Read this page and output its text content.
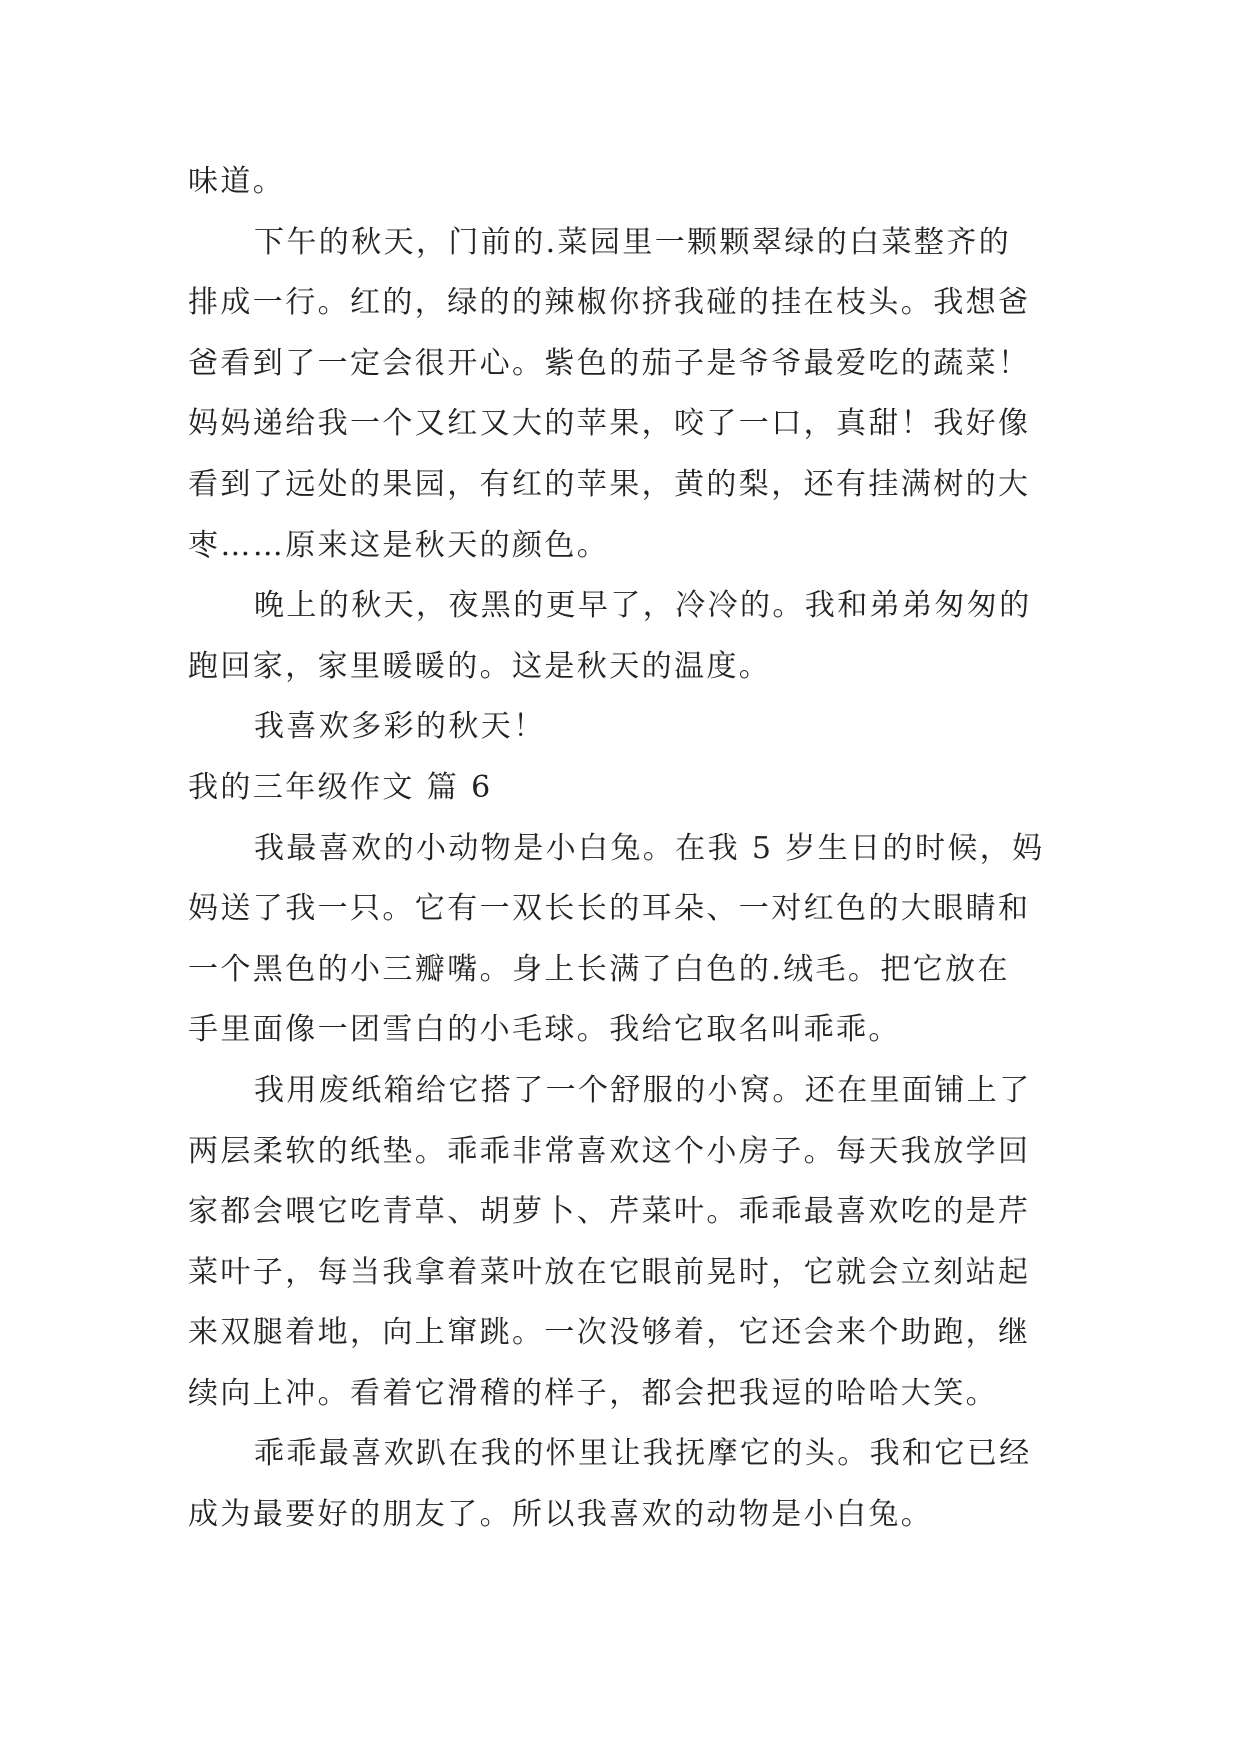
味道。
下午的秋天，门前的.菜园里一颗颗翠绿的白菜整齐的
排成一行。红的，绿的的辣椒你挤我碰的挂在枝头。我想爸
爸看到了一定会很开心。紫色的茄子是爷爷最爱吃的蔬菜！
妈妈递给我一个又红又大的苹果，咬了一口，真甜！我好像
看到了远处的果园，有红的苹果，黄的梨，还有挂满树的大
枣……原来这是秋天的颜色。
晚上的秋天，夜黑的更早了，冷冷的。我和弟弟匆匆的
跑回家，家里暖暖的。这是秋天的温度。
我喜欢多彩的秋天！
我的三年级作文 篇 6
我最喜欢的小动物是小白兔。在我 5 岁生日的时候，妈
妈送了我一只。它有一双长长的耳朵、一对红色的大眼睛和
一个黑色的小三瓣嘴。身上长满了白色的.绒毛。把它放在
手里面像一团雪白的小毛球。我给它取名叫乖乖。
我用废纸箱给它搭了一个舒服的小窝。还在里面铺上了
两层柔软的纸垫。乖乖非常喜欢这个小房子。每天我放学回
家都会喂它吃青草、胡萝卜、芹菜叶。乖乖最喜欢吃的是芹
菜叶子，每当我拿着菜叶放在它眼前晃时，它就会立刻站起
来双腿着地，向上窜跳。一次没够着，它还会来个助跑，继
续向上冲。看着它滑稽的样子，都会把我逗的哈哈大笑。
乖乖最喜欢趴在我的怀里让我抚摩它的头。我和它已经
成为最要好的朋友了。所以我喜欢的动物是小白兔。
